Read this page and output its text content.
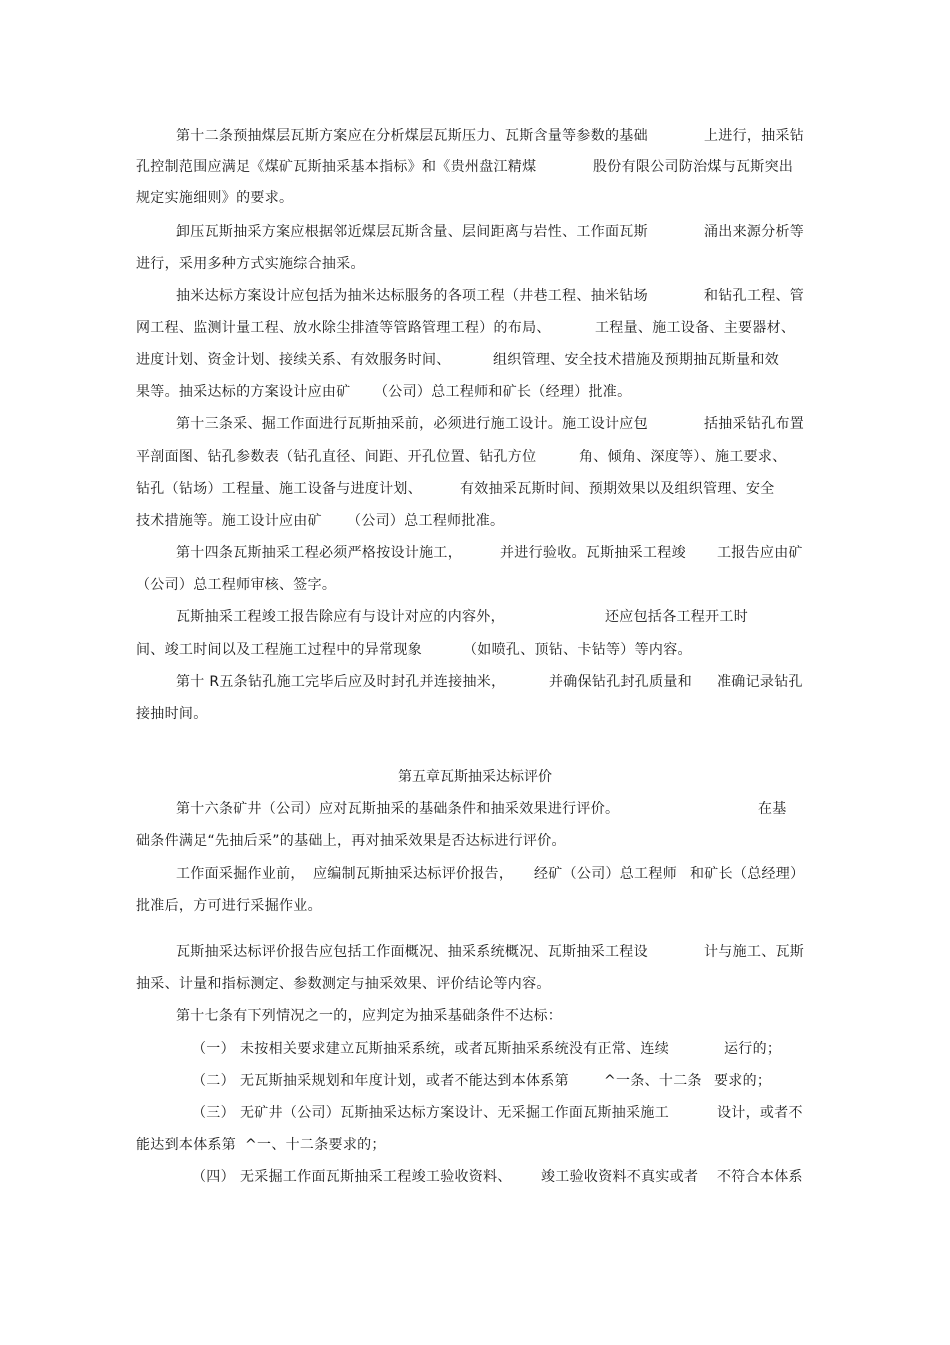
第十二条预抽煤层瓦斯方案应在分析煤层瓦斯压力、瓦斯含量等参数的基础	上进行，抽采钻
孔控制范围应满足《煤矿瓦斯抽采基本指标》和《贵州盘江精煤	股份有限公司防治煤与瓦斯突出
规定实施细则》的要求。
卸压瓦斯抽采方案应根据邻近煤层瓦斯含量、层间距离与岩性、工作面瓦斯	涌出来源分析等
进行，采用多种方式实施综合抽采。
抽米达标方案设计应包括为抽米达标服务的各项工程（井巷工程、抽米钻场	和钻孔工程、管
网工程、监测计量工程、放水除尘排渣等管路管理工程）的布局、	工程量、施工设备、主要器材、
进度计划、资金计划、接续关系、有效服务时间、	组织管理、安全技术措施及预期抽瓦斯量和效
果等。抽采达标的方案设计应由矿 （公司）总工程师和矿长（经理）批准。
第十三条采、掘工作面进行瓦斯抽采前，必须进行施工设计。施工设计应包	括抽采钻孔布置
平剖面图、钻孔参数表（钻孔直径、间距、开孔位置、钻孔方位	角、倾角、深度等）、施工要求、
钻孔（钻场）工程量、施工设备与进度计划、	有效抽采瓦斯时间、预期效果以及组织管理、安全
技术措施等。施工设计应由矿 （公司）总工程师批准。
第十四条瓦斯抽采工程必须严格按设计施工，	并进行验收。瓦斯抽采工程竣 工报告应由矿
（公司）总工程师审核、签字。
瓦斯抽采工程竣工报告除应有与设计对应的内容外，	还应包括各工程开工时
间、竣工时间以及工程施工过程中的异常现象	（如喷孔、顶钻、卡钻等）等内容。
第十 R五条钻孔施工完毕后应及时封孔并连接抽米，	并确保钻孔封孔质量和 准确记录钻孔
接抽时间。
第五章瓦斯抽采达标评价
第十六条矿井（公司）应对瓦斯抽采的基础条件和抽采效果进行评价。	在基
础条件满足“先抽后采”的基础上，再对抽采效果是否达标进行评价。
工作面采掘作业前， 应编制瓦斯抽采达标评价报告， 经矿（公司）总工程师 和矿长（总经理）
批准后，方可进行采掘作业。
瓦斯抽采达标评价报告应包括工作面概况、抽采系统概况、瓦斯抽采工程设	计与施工、瓦斯
抽采、计量和指标测定、参数测定与抽采效果、评价结论等内容。
第十七条有下列情况之一的，应判定为抽采基础条件不达标：
（一） 未按相关要求建立瓦斯抽采系统，或者瓦斯抽采系统没有正常、连续	运行的；
（二） 无瓦斯抽采规划和年度计划，或者不能达到本体系第	^一条、十二条 要求的；
（三） 无矿井（公司）瓦斯抽采达标方案设计、无采掘工作面瓦斯抽采施工	设计，或者不
能达到本体系第 ^一、十二条要求的；
（四） 无采掘工作面瓦斯抽采工程竣工验收资料、 竣工验收资料不真实或者 不符合本体系
